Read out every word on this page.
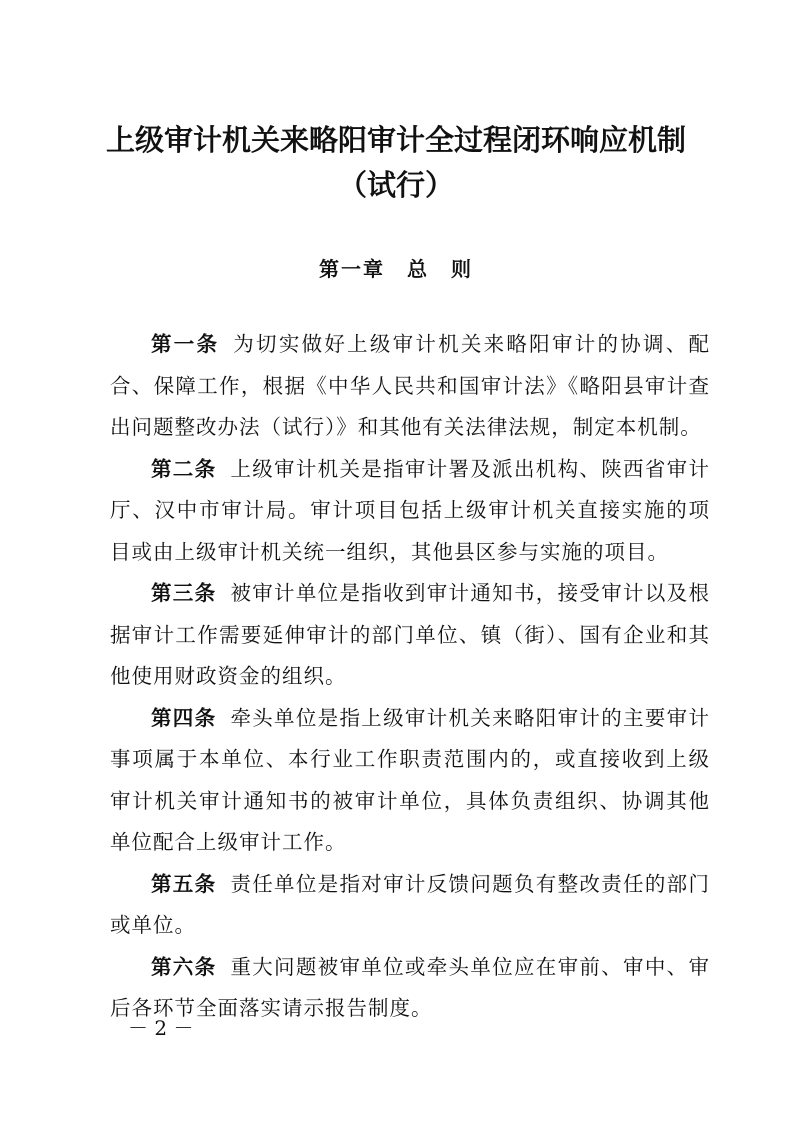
上级审计机关来略阳审计全过程闭环响应机制
（试行）
第一章　总　则

第一条 为切实做好上级审计机关来略阳审计的协调、配合、保障工作，根据《中华人民共和国审计法》《略阳县审计查出问题整改办法（试行）》和其他有关法律法规，制定本机制。

第二条 上级审计机关是指审计署及派出机构、陕西省审计厅、汉中市审计局。审计项目包括上级审计机关直接实施的项目或由上级审计机关统一组织，其他县区参与实施的项目。

第三条 被审计单位是指收到审计通知书，接受审计以及根据审计工作需要延伸审计的部门单位、镇（街）、国有企业和其他使用财政资金的组织。

第四条 牵头单位是指上级审计机关来略阳审计的主要审计事项属于本单位、本行业工作职责范围内的，或直接收到上级审计机关审计通知书的被审计单位，具体负责组织、协调其他单位配合上级审计工作。

第五条 责任单位是指对审计反馈问题负有整改责任的部门或单位。

第六条 重大问题被审单位或牵头单位应在审前、审中、审后各环节全面落实请示报告制度。

－ 2 －
